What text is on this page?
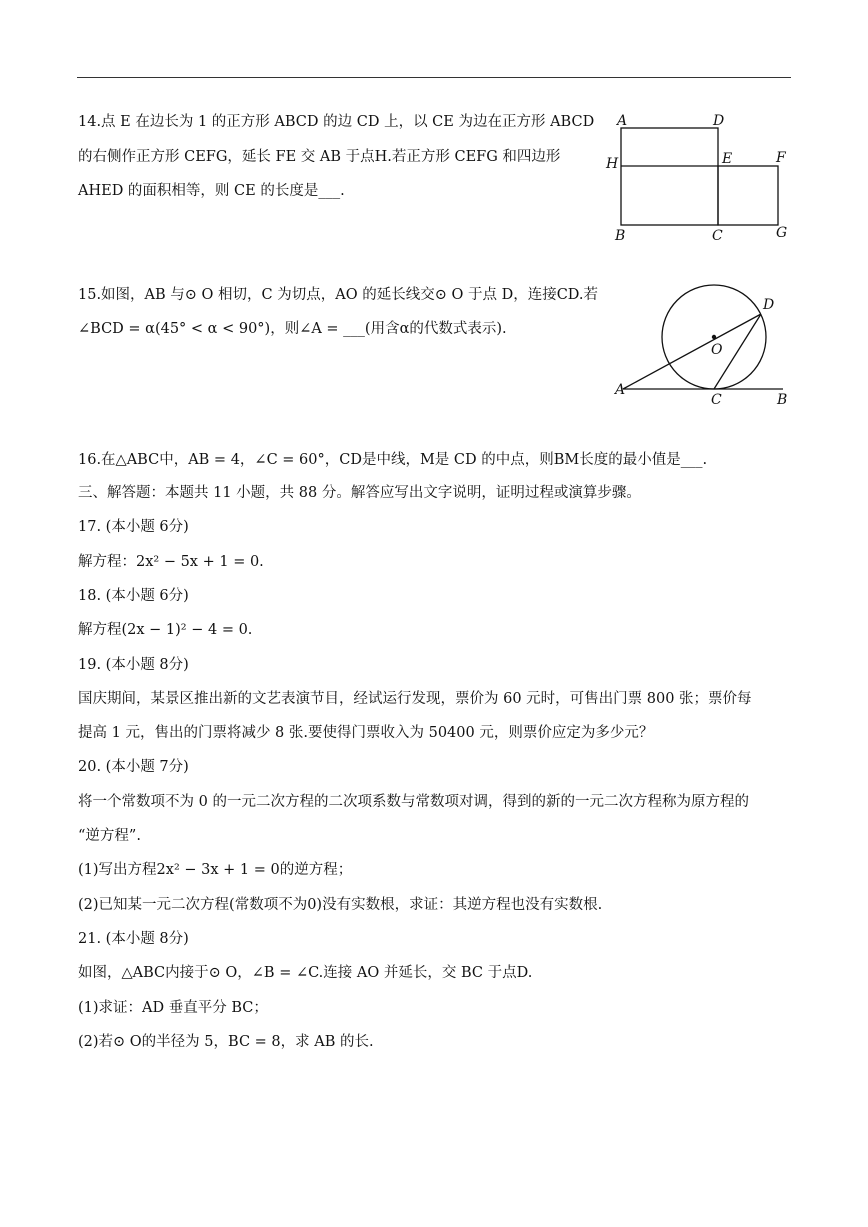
14.点 E 在边长为 1 的正方形 ABCD 的边 CD 上，以 CE 为边在正方形 ABCD
的右侧作正方形 CEFG，延长 FE 交 AB 于点H.若正方形 CEFG 和四边形
AHED 的面积相等，则 CE 的长度是___.
A	D
H	E	F
B	C	G
15.如图，AB 与⊙ O 相切，C 为切点，AO 的延长线交⊙ O 于点 D，连接CD.若
∠BCD = α(45° < α < 90°)，则∠A = ___(用含α的代数式表示).
D
O
A
C	B
16.在△ABC中，AB = 4，∠C = 60°，CD是中线，M是 CD 的中点，则BM长度的最小值是___.
三、解答题：本题共 11 小题，共 88 分。解答应写出文字说明，证明过程或演算步骤。
17. (本小题 6分)
解方程：2x² − 5x + 1 = 0.
18. (本小题 6分)
解方程(2x − 1)² − 4 = 0.
19. (本小题 8分)
国庆期间，某景区推出新的文艺表演节目，经试运行发现，票价为 60 元时，可售出门票 800 张；票价每
提高 1 元，售出的门票将减少 8 张.要使得门票收入为 50400 元，则票价应定为多少元？
20. (本小题 7分)
将一个常数项不为 0 的一元二次方程的二次项系数与常数项对调，得到的新的一元二次方程称为原方程的
“逆方程”.
(1)写出方程2x² − 3x + 1 = 0的逆方程；
(2)已知某一元二次方程(常数项不为0)没有实数根，求证：其逆方程也没有实数根.
21. (本小题 8分)
如图，△ABC内接于⊙ O，∠B = ∠C.连接 AO 并延长，交 BC 于点D.
(1)求证：AD 垂直平分 BC；
(2)若⊙ O的半径为 5，BC = 8，求 AB 的长.
